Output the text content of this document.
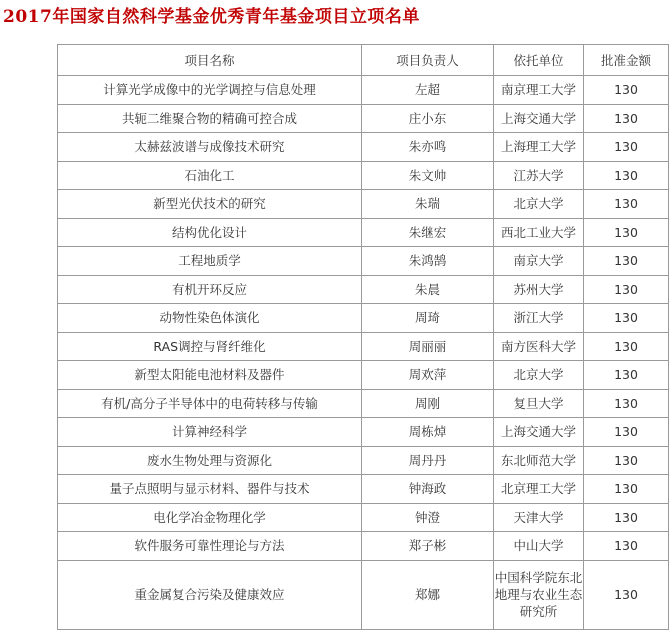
2017年国家自然科学基金优秀青年基金项目立项名单
项目名称	项目负责人	依托单位	批准金额
计算光学成像中的光学调控与信息处理	左超	南京理工大学	130
共轭二维聚合物的精确可控合成	庄小东	上海交通大学	130
太赫兹波谱与成像技术研究	朱亦鸣	上海理工大学	130
石油化工	朱文帅	江苏大学	130
新型光伏技术的研究	朱瑞	北京大学	130
结构优化设计	朱继宏	西北工业大学	130
工程地质学	朱鸿鹄	南京大学	130
有机开环反应	朱晨	苏州大学	130
动物性染色体演化	周琦	浙江大学	130
RAS调控与肾纤维化	周丽丽	南方医科大学	130
新型太阳能电池材料及器件	周欢萍	北京大学	130
有机/高分子半导体中的电荷转移与传输	周刚	复旦大学	130
计算神经科学	周栋焯	上海交通大学	130
废水生物处理与资源化	周丹丹	东北师范大学	130
量子点照明与显示材料、器件与技术	钟海政	北京理工大学	130
电化学冶金物理化学	钟澄	天津大学	130
软件服务可靠性理论与方法	郑子彬	中山大学	130
重金属复合污染及健康效应	郑娜	中国科学院东北地理与农业生态研究所	130
